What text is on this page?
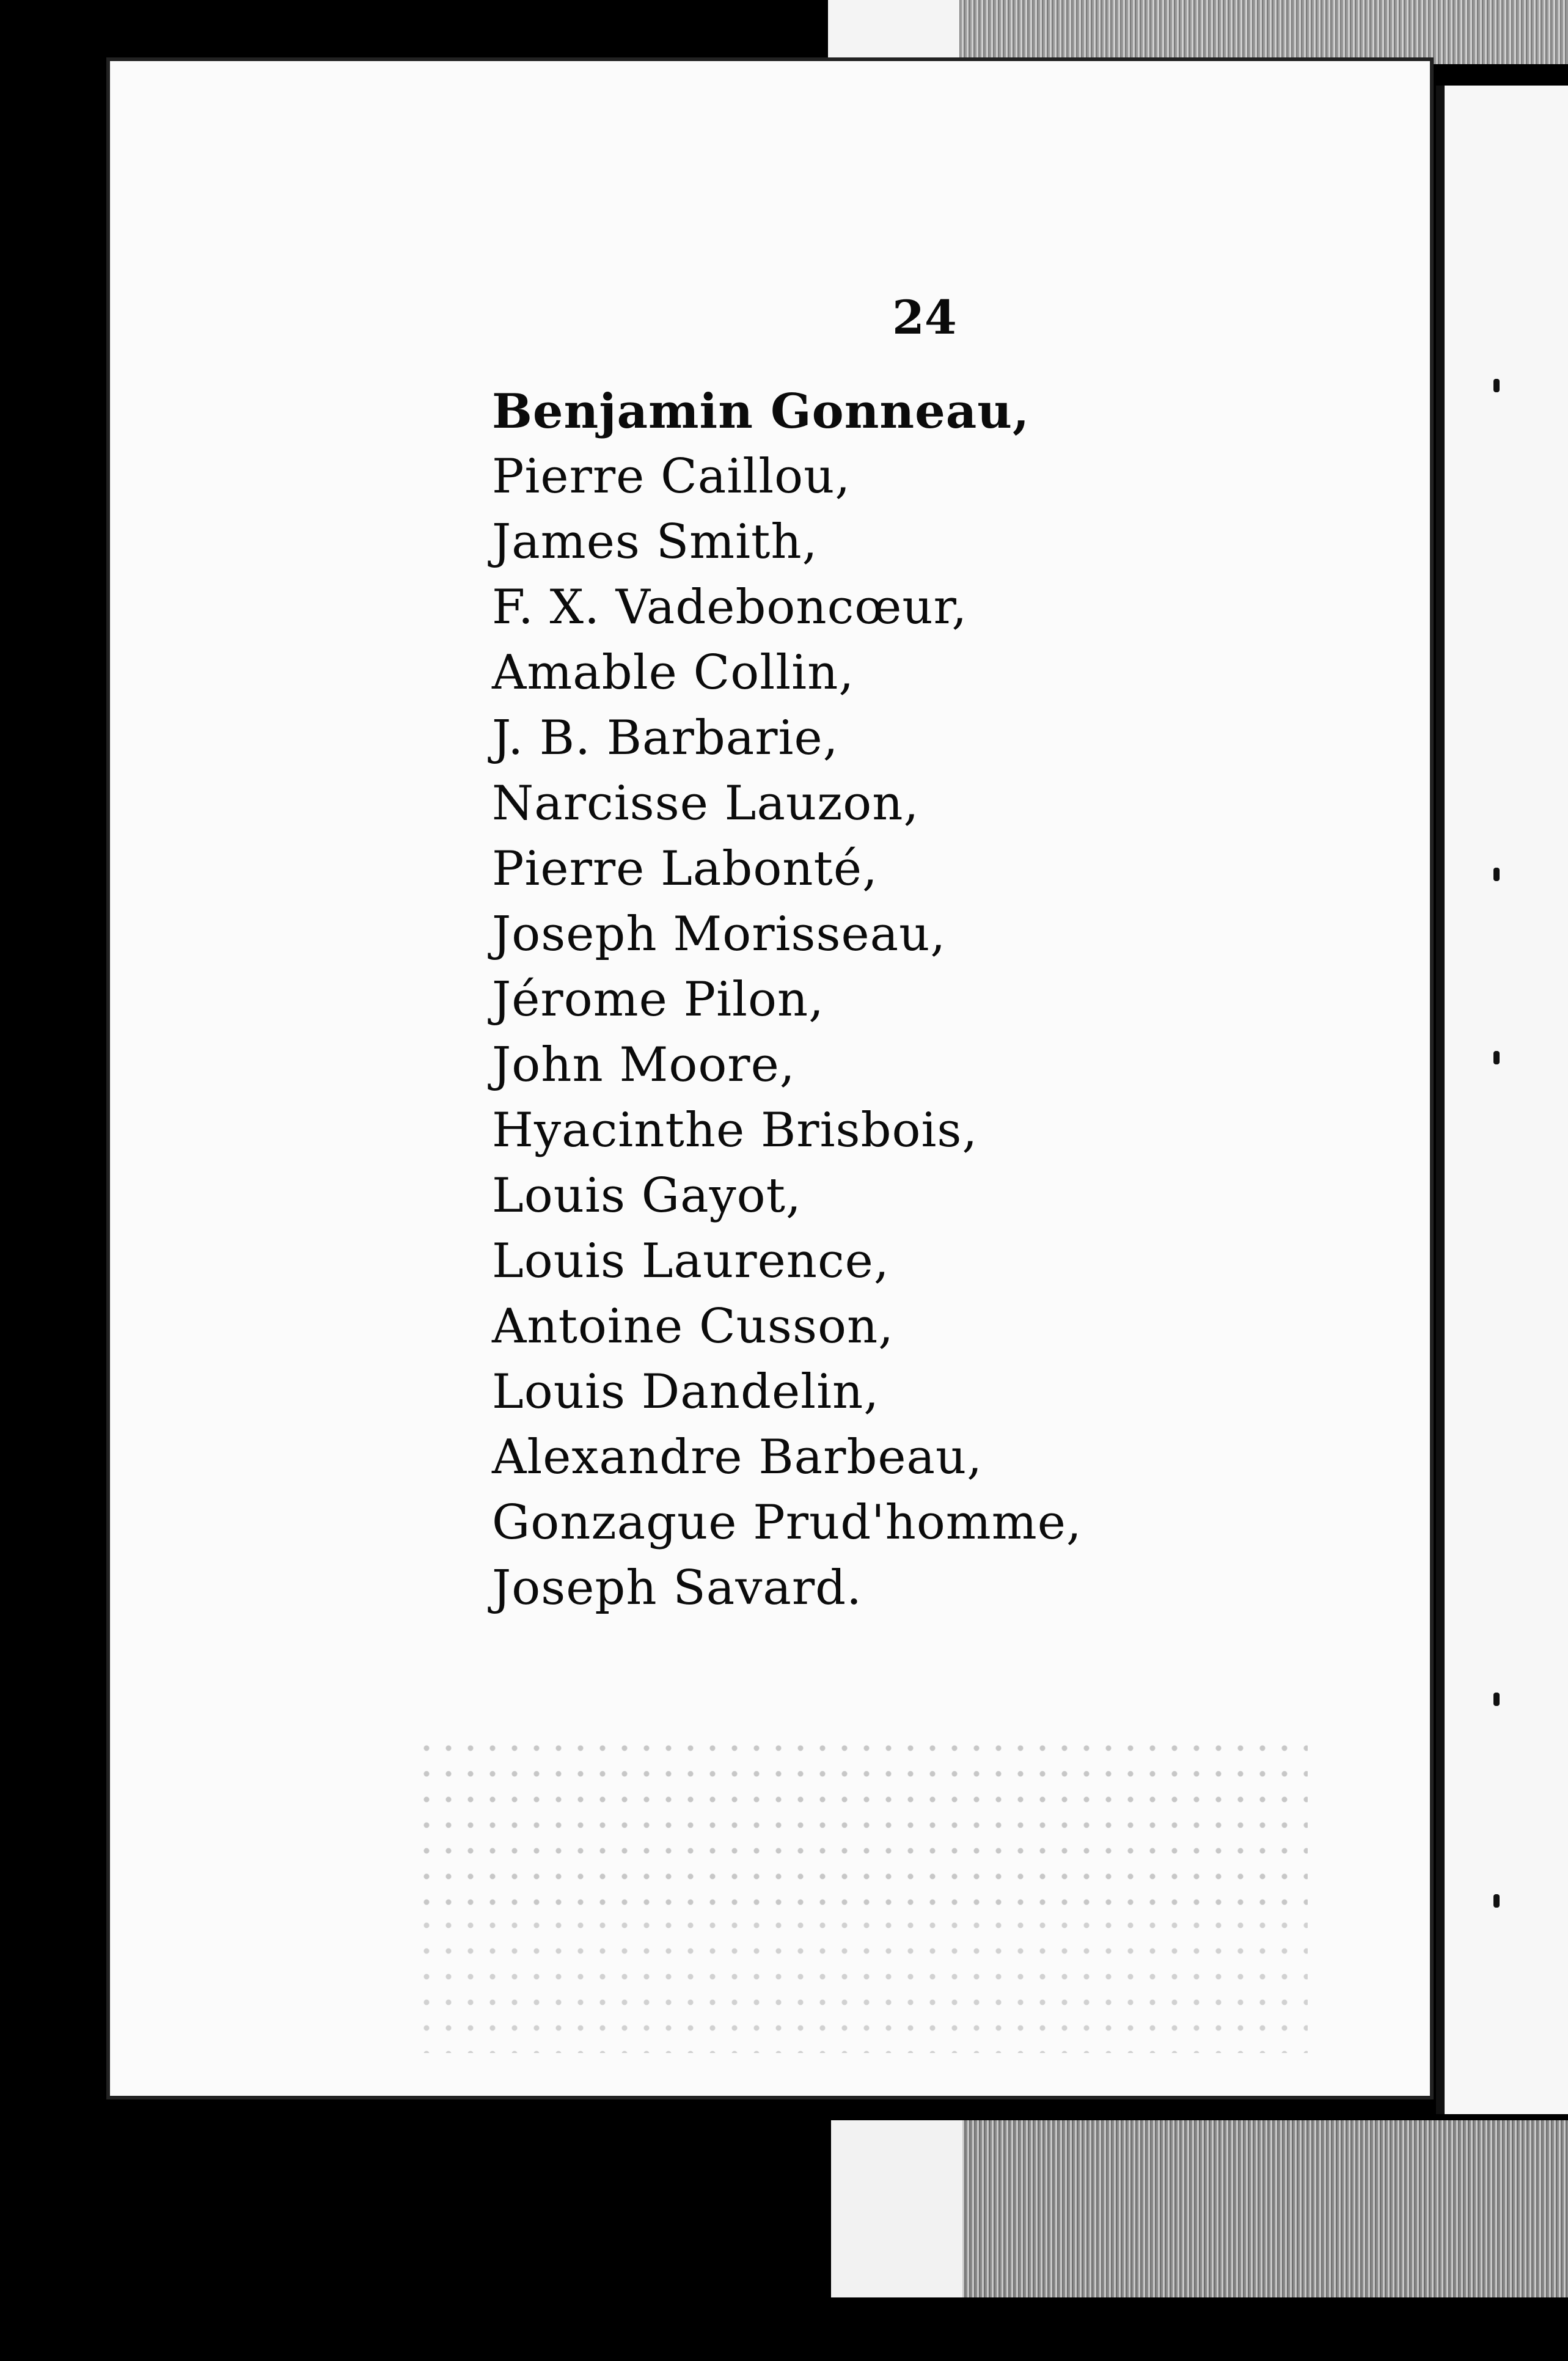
24

Benjamin Gonneau,
Pierre Caillou,
James Smith,
F. X. Vadeboncœur,
Amable Collin,
J. B. Barbarie,
Narcisse Lauzon,
Pierre Labonté,
Joseph Morisseau,
Jérome Pilon,
John Moore,
Hyacinthe Brisbois,
Louis Gayot,
Louis Laurence,
Antoine Cusson,
Louis Dandelin,
Alexandre Barbeau,
Gonzague Prud'homme,
Joseph Savard.
